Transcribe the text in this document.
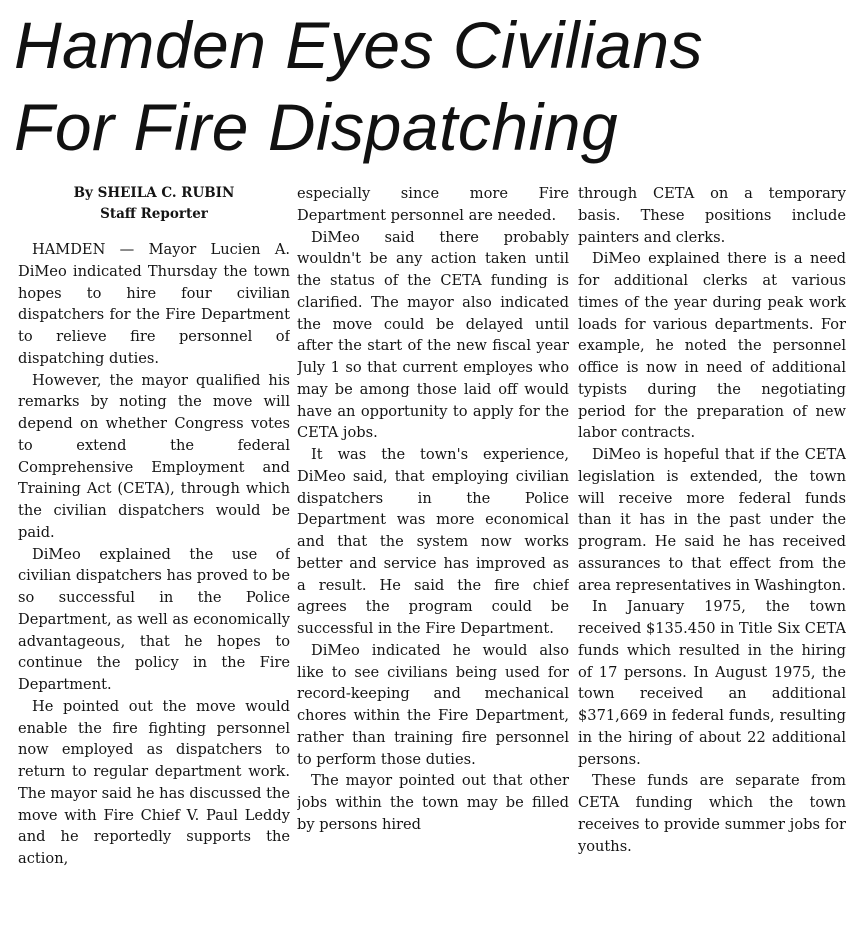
Hamden Eyes Civilians
For Fire Dispatching
By SHEILA C. RUBIN
Staff Reporter

HAMDEN — Mayor Lucien A. DiMeo indicated Thursday the town hopes to hire four civilian dispatchers for the Fire Department to relieve fire personnel of dispatching duties.

However, the mayor qualified his remarks by noting the move will depend on whether Congress votes to extend the federal Comprehensive Employment and Training Act (CETA), through which the civilian dispatchers would be paid.

DiMeo explained the use of civilian dispatchers has proved to be so successful in the Police Department, as well as economically advantageous, that he hopes to continue the policy in the Fire Department.

He pointed out the move would enable the fire fighting personnel now employed as dispatchers to return to regular department work. The mayor said he has discussed the move with Fire Chief V. Paul Leddy and he reportedly supports the action,

especially since more Fire Department personnel are needed.

DiMeo said there probably wouldn't be any action taken until the status of the CETA funding is clarified. The mayor also indicated the move could be delayed until after the start of the new fiscal year July 1 so that current employes who may be among those laid off would have an opportunity to apply for the CETA jobs.

It was the town's experience, DiMeo said, that employing civilian dispatchers in the Police Department was more economical and that the system now works better and service has improved as a result. He said the fire chief agrees the program could be successful in the Fire Department.

DiMeo indicated he would also like to see civilians being used for record-keeping and mechanical chores within the Fire Department, rather than training fire personnel to perform those duties.

The mayor pointed out that other jobs within the town may be filled by persons hired

through CETA on a temporary basis. These positions include painters and clerks.

DiMeo explained there is a need for additional clerks at various times of the year during peak work loads for various departments. For example, he noted the personnel office is now in need of additional typists during the negotiating period for the preparation of new labor contracts.

DiMeo is hopeful that if the CETA legislation is extended, the town will receive more federal funds than it has in the past under the program. He said he has received assurances to that effect from the area representatives in Washington.

In January 1975, the town received $135.450 in Title Six CETA funds which resulted in the hiring of 17 persons. In August 1975, the town received an additional $371,669 in federal funds, resulting in the hiring of about 22 additional persons.

These funds are separate from CETA funding which the town receives to provide summer jobs for youths.
